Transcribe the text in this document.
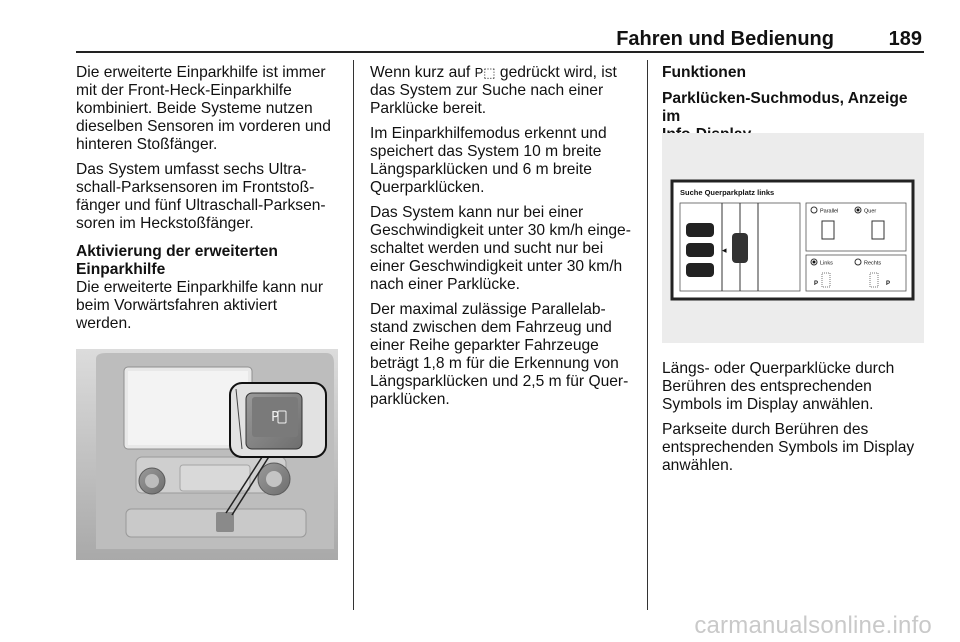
Fahren und Bedienung	189

Die erweiterte Einparkhilfe ist immer
mit der Front-Heck-Einparkhilfe
kombiniert. Beide Systeme nutzen
dieselben Sensoren im vorderen und
hinteren Stoßfänger.

Das System umfasst sechs Ultra-
schall-Parksensoren im Frontstoß-
fänger und fünf Ultraschall-Parksen-
soren im Heckstoßfänger.

Aktivierung der erweiterten
Einparkhilfe

Die erweiterte Einparkhilfe kann nur
beim Vorwärtsfahren aktiviert
werden.

P

Wenn kurz auf P⬚ gedrückt wird, ist
das System zur Suche nach einer
Parklücke bereit.

Im Einparkhilfemodus erkennt und
speichert das System 10 m breite
Längsparklücken und 6 m breite
Querparklücken.

Das System kann nur bei einer
Geschwindigkeit unter 30 km/h einge-
schaltet werden und sucht nur bei
einer Geschwindigkeit unter 30 km/h
nach einer Parklücke.

Der maximal zulässige Parallelab-
stand zwischen dem Fahrzeug und
einer Reihe geparkter Fahrzeuge
beträgt 1,8 m für die Erkennung von
Längsparklücken und 2,5 m für Quer-
parklücken.

Funktionen
Parklücken-Suchmodus, Anzeige im

Suche Querparkplatz links
◂
Parallel	Quer
Links	Rechts
P	P

Längs- oder Querparklücke durch
Berühren des entsprechenden
Symbols im Display anwählen.

Parkseite durch Berühren des
entsprechenden Symbols im Display
anwählen.

carmanualsonline.info
